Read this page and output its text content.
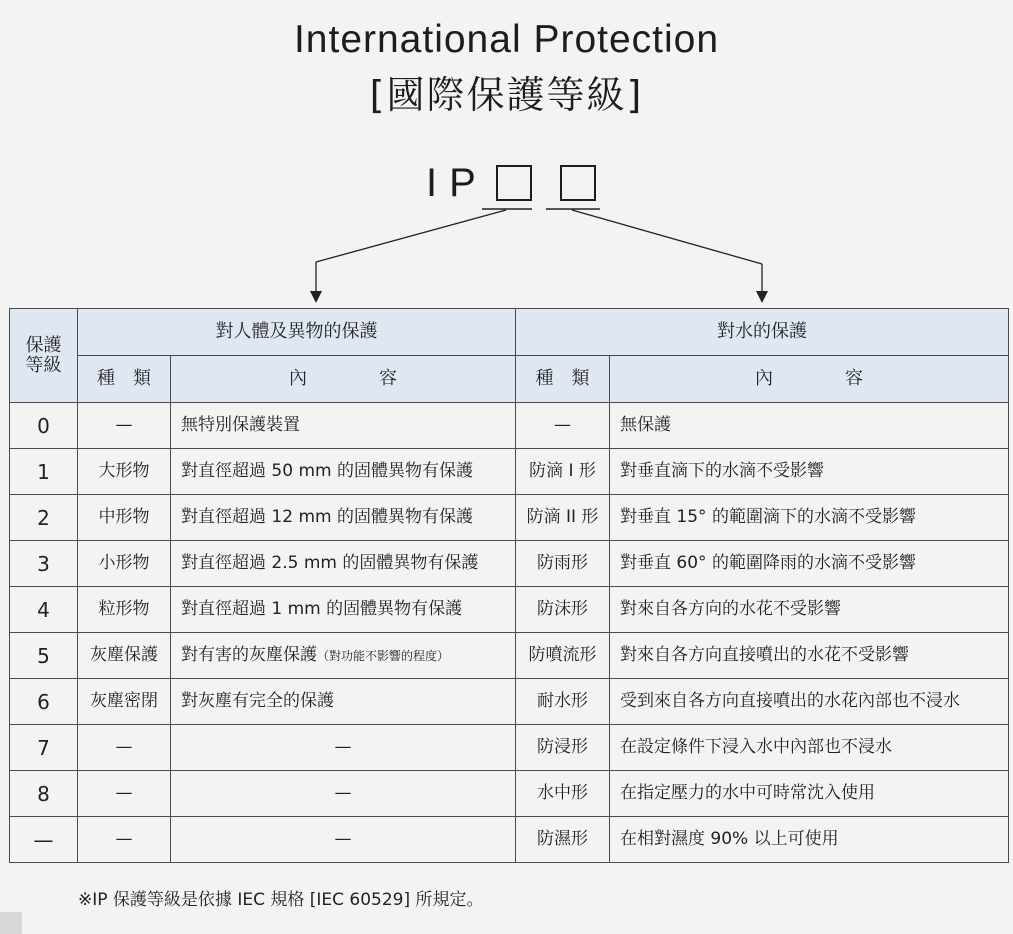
International Protection
[國際保護等級]
IP
保護
等級	對人體及異物的保護		對水的保護	
	種　類	內　　　　容	種　類	內　　　　容
0	—	無特別保護裝置	—	無保護
1	大形物	對直徑超過 50 mm 的固體異物有保護	防滴 I 形	對垂直滴下的水滴不受影響
2	中形物	對直徑超過 12 mm 的固體異物有保護	防滴 II 形	對垂直 15° 的範圍滴下的水滴不受影響
3	小形物	對直徑超過 2.5 mm 的固體異物有保護	防雨形	對垂直 60° 的範圍降雨的水滴不受影響
4	粒形物	對直徑超過 1 mm 的固體異物有保護	防沫形	對來自各方向的水花不受影響
5	灰塵保護	對有害的灰塵保護（對功能不影響的程度）	防噴流形	對來自各方向直接噴出的水花不受影響
6	灰塵密閉	對灰塵有完全的保護	耐水形	受到來自各方向直接噴出的水花內部也不浸水
7	—	—	防浸形	在設定條件下浸入水中內部也不浸水
8	—	—	水中形	在指定壓力的水中可時常沈入使用
—	—	—	防濕形	在相對濕度 90% 以上可使用
※IP 保護等級是依據 IEC 規格 [IEC 60529] 所規定。
